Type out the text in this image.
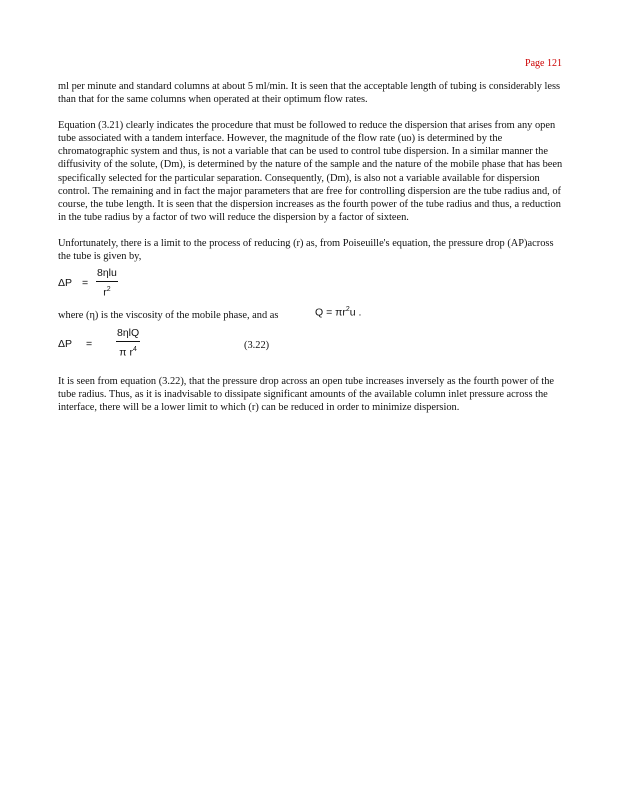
Page 121

ml per minute and standard columns at about 5 ml/min. It is seen that the acceptable length of tubing is considerably less than that for the same columns when operated at their optimum flow rates.

Equation (3.21) clearly indicates the procedure that must be followed to reduce the dispersion that arises from any open tube associated with a tandem interface. However, the magnitude of the flow rate (uo) is determined by the chromatographic system and thus, is not a variable that can be used to control tube dispersion. In a similar manner the diffusivity of the solute, (Dm), is determined by the nature of the sample and the nature of the mobile phase that has been specifically selected for the particular separation. Consequently, (Dm), is also not a variable available for dispersion control. The remaining and in fact the major parameters that are free for controlling dispersion are the tube radius and, of course, the tube length. It is seen that the dispersion increases as the fourth power of the tube radius and thus, a reduction in the tube radius by a factor of two will reduce the dispersion by a factor of sixteen.

Unfortunately, there is a limit to the process of reducing (r) as, from Poiseuille's equation, the pressure drop (AP)across the tube is given by,

ΔP =
8ηlu
$r^2$
where (η) is the viscosity of the mobile phase, and as	$Q = \pi r^2u$ .
ΔP =
8ηlQ
π $r^4$	(3.22)

It is seen from equation (3.22), that the pressure drop across an open tube increases inversely as the fourth power of the tube radius. Thus, as it is inadvisable to dissipate significant amounts of the available column inlet pressure across the interface, there will be a lower limit to which (r) can be reduced in order to minimize dispersion.
